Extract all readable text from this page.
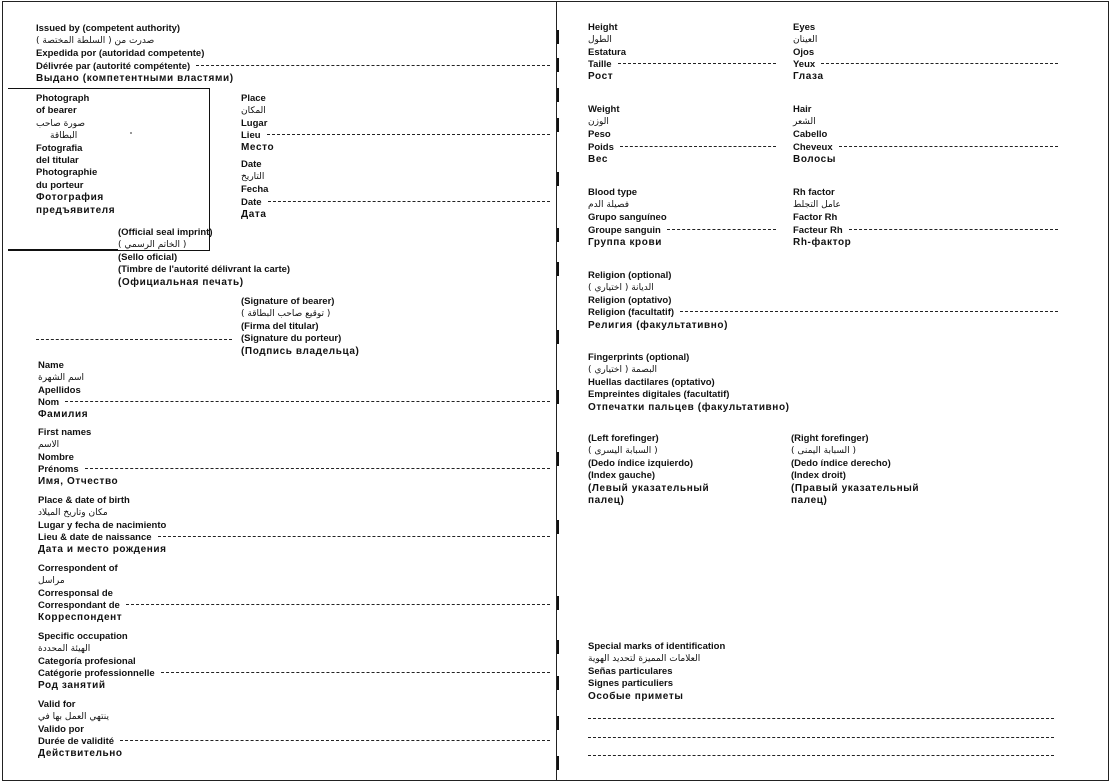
Issued by (competent authority)
صدرت من ( السلطة المختصة )
Expedida por (autoridad competente)
Délivrée par (autorité compétente)
Выдано (компетентными властями)
Photograph
of bearer
صورة صاحب
البطاقة
Fotografia
del titular
Photographie
du porteur
Фотография
предъявителя
Place
المكان
Lugar
Lieu
Место
Date
التاريخ
Fecha
Date
Дата
(Official seal imprint)
( الخاتم الرسمي )
(Sello oficial)
(Timbre de l'autorité délivrant la carte)
(Официальная печать)
(Signature of bearer)
( توقيع صاحب البطاقة )
(Firma del titular)
(Signature du porteur)
(Подпись владельца)
Name
اسم الشهرة
Apellidos
Nom
Фамилия
First names
الاسم
Nombre
Prénoms
Имя, Отчество
Place & date of birth
مكان وتاريخ الميلاد
Lugar y fecha de nacimiento
Lieu & date de naissance
Дата и место рождения
Correspondent of
مراسل
Corresponsal de
Correspondant de
Корреспондент
Specific occupation
الهيئة المحددة
Categoría profesional
Catégorie professionnelle
Род занятий
Valid for
ينتهي العمل بها في
Valido por
Durée de validité
Действительно
Height
الطول
Estatura
Taille
Рост
Eyes
العينان
Ojos
Yeux
Глаза
Weight
الوزن
Peso
Poids
Вес
Hair
الشعر
Cabello
Cheveux
Волосы
Blood type
فصيلة الدم
Grupo sanguíneo
Groupe sanguin
Группа крови
Rh factor
عامل التجلط
Factor Rh
Facteur Rh
Rh-фактор
Religion (optional)
الديانة ( اختياري )
Religion (optativo)
Religion (facultatif)
Религия (факультативно)
Fingerprints (optional)
البصمة ( اختياري )
Huellas dactilares (optativo)
Empreintes digitales (facultatif)
Отпечатки пальцев (факультативно)
(Left forefinger)
( السبابة اليسرى )
(Dedo índice izquierdo)
(Index gauche)
(Левый указательный
палец)
(Right forefinger)
( السبابة اليمنى )
(Dedo índice derecho)
(Index droit)
(Правый указательный
палец)
Special marks of identification
العلامات المميزة لتحديد الهوية
Señas particulares
Signes particuliers
Особые приметы
